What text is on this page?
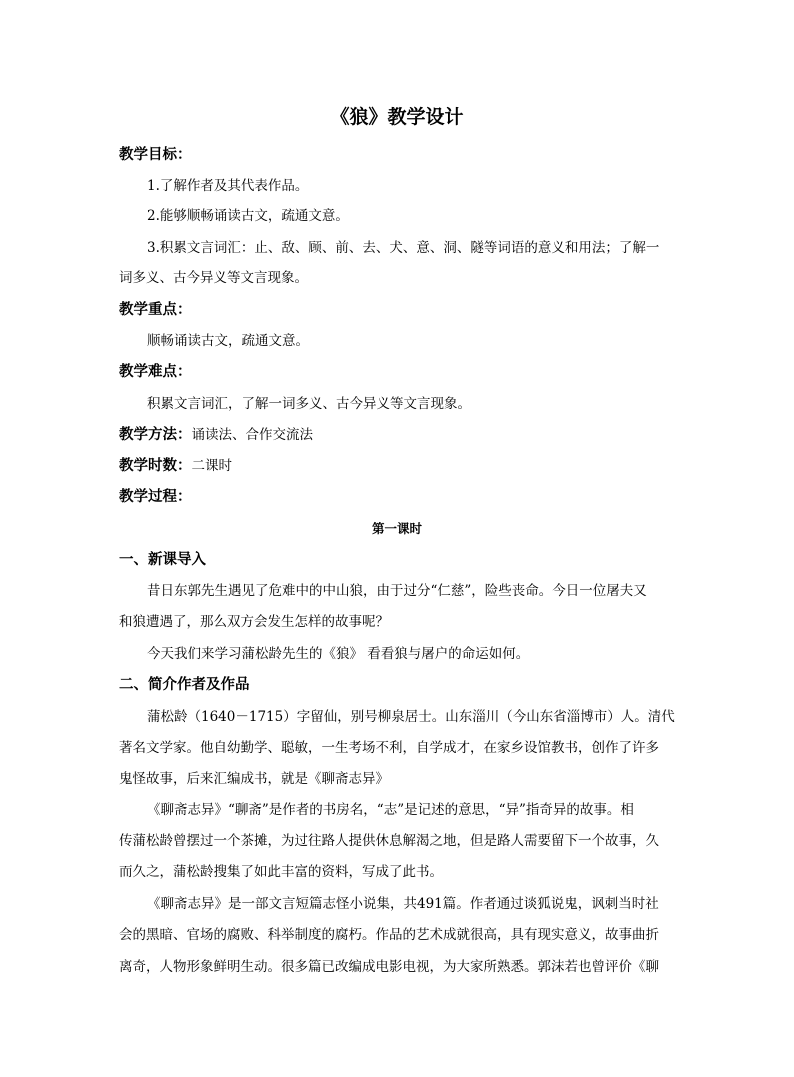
《狼》教学设计
教学目标：
1.了解作者及其代表作品。
2.能够顺畅诵读古文，疏通文意。
3.积累文言词汇：止、敌、顾、前、去、犬、意、洞、隧等词语的意义和用法；了解一
词多义、古今异义等文言现象。
教学重点：
顺畅诵读古文，疏通文意。
教学难点：
积累文言词汇，了解一词多义、古今异义等文言现象。
教学方法：诵读法、合作交流法
教学时数：二课时
教学过程：
第一课时
一、新课导入
昔日东郭先生遇见了危难中的中山狼，由于过分“仁慈”，险些丧命。今日一位屠夫又
和狼遭遇了，那么双方会发生怎样的故事呢？
今天我们来学习蒲松龄先生的《狼》 看看狼与屠户的命运如何。
二、简介作者及作品
蒲松龄（1640－1715）字留仙，别号柳泉居士。山东淄川（今山东省淄博市）人。清代
著名文学家。他自幼勤学、聪敏，一生考场不利，自学成才，在家乡设馆教书，创作了许多
鬼怪故事，后来汇编成书，就是《聊斋志异》
《聊斋志异》“聊斋”是作者的书房名，“志”是记述的意思，“异”指奇异的故事。相
传蒲松龄曾摆过一个茶摊，为过往路人提供休息解渴之地，但是路人需要留下一个故事，久
而久之，蒲松龄搜集了如此丰富的资料，写成了此书。
《聊斋志异》是一部文言短篇志怪小说集，共491篇。作者通过谈狐说鬼，讽刺当时社
会的黑暗、官场的腐败、科举制度的腐朽。作品的艺术成就很高，具有现实意义，故事曲折
离奇，人物形象鲜明生动。很多篇已改编成电影电视，为大家所熟悉。郭沫若也曾评价《聊
